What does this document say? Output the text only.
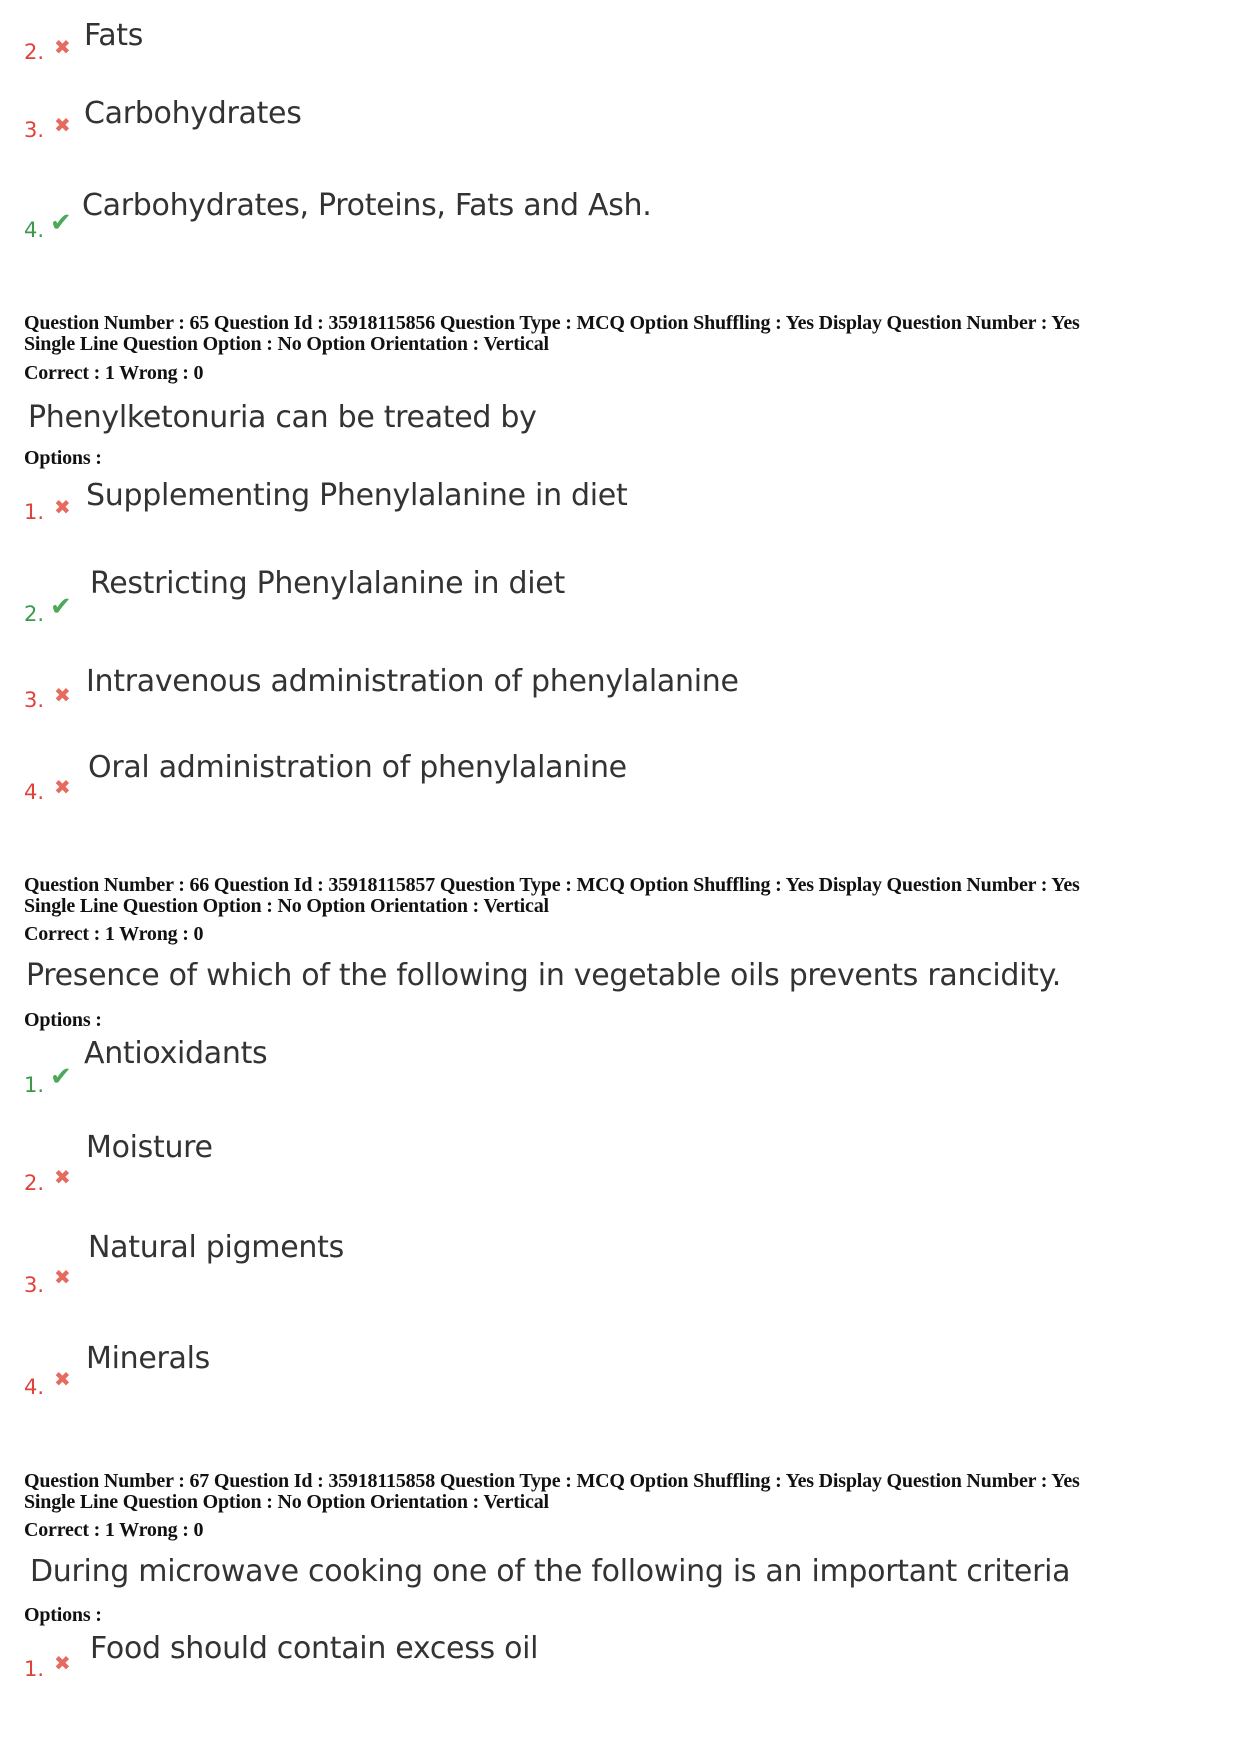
2. ✖ Fats
3. ✖ Carbohydrates
4. ✔ Carbohydrates, Proteins, Fats and Ash.
Question Number : 65 Question Id : 35918115856 Question Type : MCQ Option Shuffling : Yes Display Question Number : Yes
Single Line Question Option : No Option Orientation : Vertical
Correct : 1 Wrong : 0
Phenylketonuria can be treated by
Options :
1. ✖ Supplementing Phenylalanine in diet
2. ✔
Restricting Phenylalanine in diet
3. ✖ Intravenous administration of phenylalanine
4. ✖
Oral administration of phenylalanine
Question Number : 66 Question Id : 35918115857 Question Type : MCQ Option Shuffling : Yes Display Question Number : Yes
Single Line Question Option : No Option Orientation : Vertical
Correct : 1 Wrong : 0
Presence of which of the following in vegetable oils prevents rancidity.
Options :
1. ✔
Antioxidants
2. ✖
Moisture
3. ✖
Natural pigments
4. ✖
Minerals
Question Number : 67 Question Id : 35918115858 Question Type : MCQ Option Shuffling : Yes Display Question Number : Yes
Single Line Question Option : No Option Orientation : Vertical
Correct : 1 Wrong : 0
During microwave cooking one of the following is an important criteria
Options :
1. ✖ Food should contain excess oil
